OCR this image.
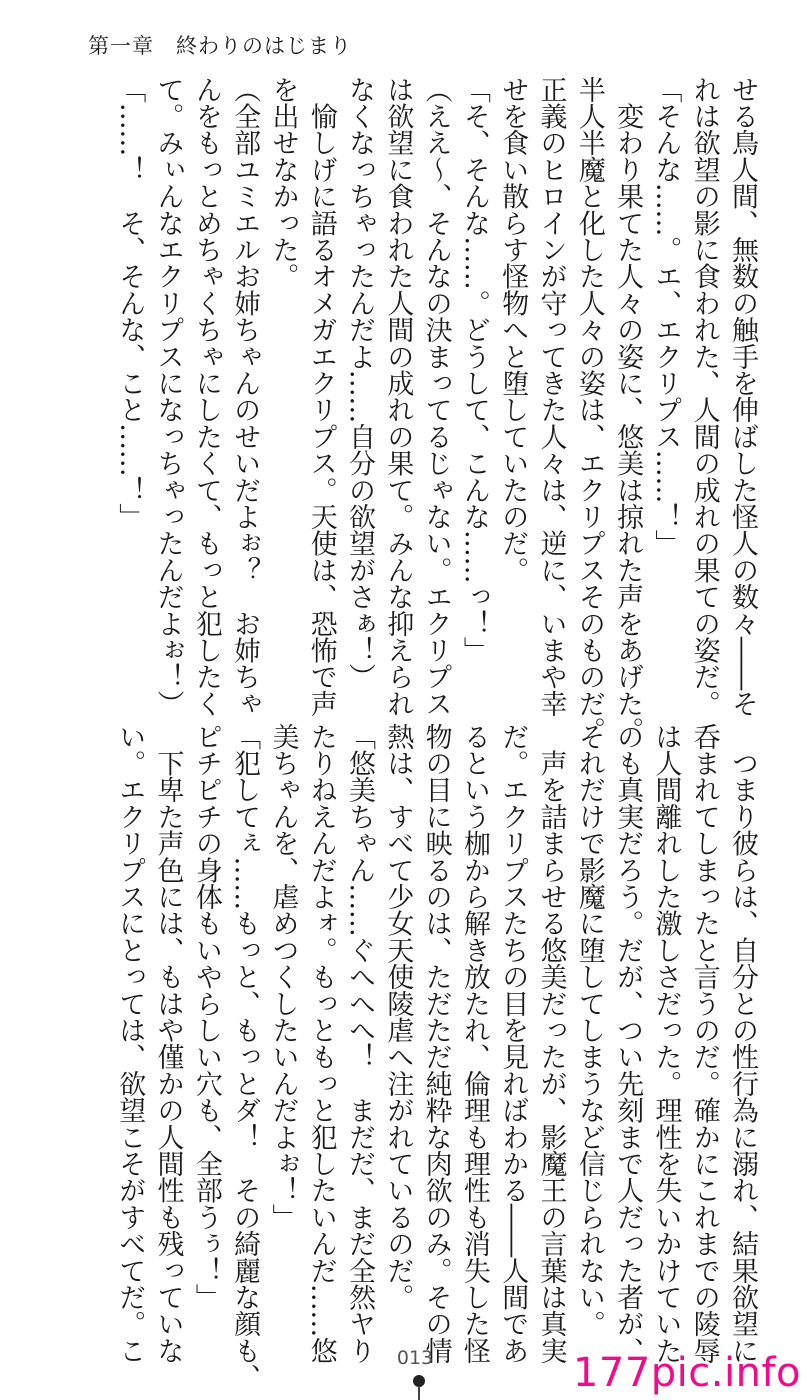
第一章　終わりのはじまり
せる鳥人間、無数の触手を伸ばした怪人の数々――そ
れは欲望の影に食われた、人間の成れの果ての姿だ。
「そんな……。エ、エクリプス……！」
　変わり果てた人々の姿に、悠美は掠れた声をあげた。
半人半魔と化した人々の姿は、エクリプスそのものだ。
正義のヒロインが守ってきた人々は、逆に、いまや幸
せを食い散らす怪物へと堕していたのだ。
「そ、そんな……。どうして、こんな……っ！」
（ええ～、そんなの決まってるじゃない。エクリプス
は欲望に食われた人間の成れの果て。みんな抑えられ
なくなっちゃったんだよ……自分の欲望がさぁ！）
　愉しげに語るオメガエクリプス。天使は、恐怖で声
を出せなかった。
（全部ユミエルお姉ちゃんのせいだよぉ？　お姉ちゃ
んをもっとめちゃくちゃにしたくて、もっと犯したく
て。みぃんなエクリプスになっちゃったんだよぉ！）
「……！　そ、そんな、こと……！」
　つまり彼らは、自分との性行為に溺れ、結果欲望に
呑まれてしまったと言うのだ。確かにこれまでの陵辱
は人間離れした激しさだった。理性を失いかけていた
のも真実だろう。だが、つい先刻まで人だった者が、
それだけで影魔に堕してしまうなど信じられない。
　声を詰まらせる悠美だったが、影魔王の言葉は真実
だ。エクリプスたちの目を見ればわかる――人間であ
るという枷から解き放たれ、倫理も理性も消失した怪
物の目に映るのは、ただただ純粋な肉欲のみ。その情
熱は、すべて少女天使陵虐へ注がれているのだ。
「悠美ちゃん……ぐへへへ！　まだだ、まだ全然ヤり
たりねえんだよォ。もっともっと犯したいんだ……悠
美ちゃんを、虐めつくしたいんだよぉ！」
「犯してぇ……もっと、もっとダ！　その綺麗な顔も、
ピチピチの身体もいやらしい穴も、全部うぅ！」
　下卑た声色には、もはや僅かの人間性も残っていな
い。エクリプスにとっては、欲望こそがすべてだ。こ	013	177pic.info
